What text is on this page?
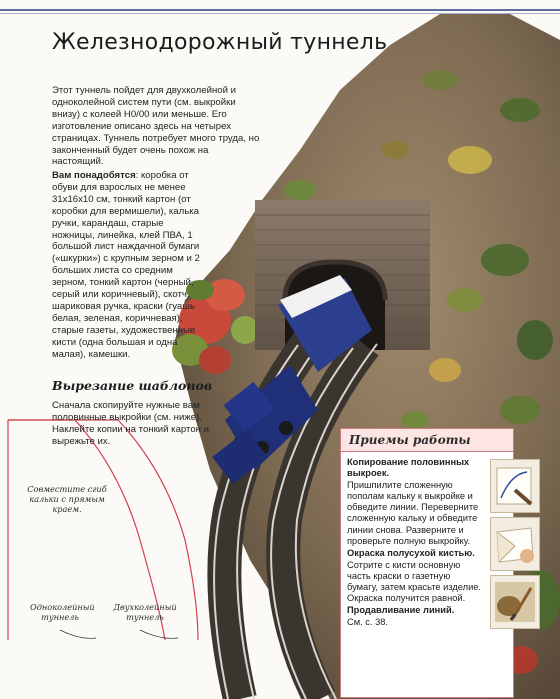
Железнодорожный туннель

Этот туннель пойдет для двухколейной и одноколейной систем пути (см. выкройки внизу) с колеей Н0/00 или меньше. Его изготовление описано здесь на четырех страницах. Туннель потребует много труда, но законченный будет очень похож на настоящий.

Вам понадобятся: коробка от обуви для взрослых не менее 31х16х10 см, тонкий картон (от коробки для вермишели), калька ручки, карандаш, старые ножницы, линейка, клей ПВА, 1 большой лист наждачной бумаги («шкурки») с крупным зерном и 2 больших листа со средним зерном, тонкий картон (черный, серый или коричневый), скотч, шариковая ручка, краски (гуашь белая, зеленая, коричневая), старые газеты, художественные кисти (одна большая и одна малая), камешки.

Вырезание шаблонов

Сначала скопируйте нужные вам половинные выкройки (см. ниже). Наклейте копии на тонкий картон и вырежьте их.

Совместите сгиб кальки с прямым краем.

Одноколейный туннель

Двухколейный туннель

Приемы работы

Копирование половинных выкроек.

Пришпилите сложенную пополам кальку к выкройке и обведите линии. Переверните сложенную кальку и обведите линии снова. Разверните и проверьте полную выкройку.

Окраска полусухой кистью.

Сотрите с кисти основную часть краски о газетную бумагу, затем красьте изделие. Окраска получится равной.

Продавливание линий.

См. с. 38.
